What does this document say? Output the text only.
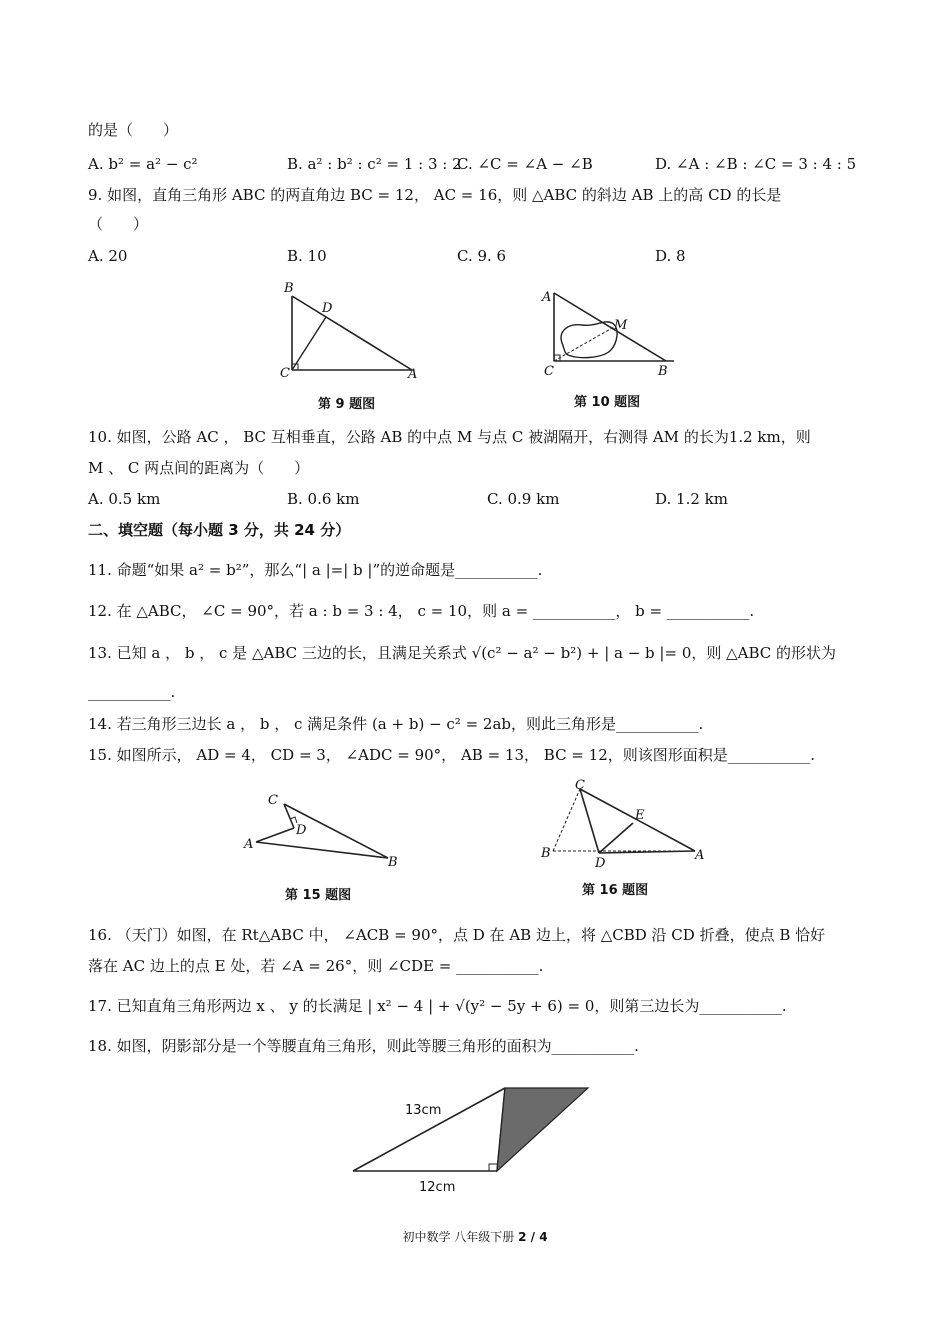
的是（　　）
A. b² = a² − c²	B. a² : b² : c² = 1 : 3 : 2
C. ∠C = ∠A − ∠B	D. ∠A : ∠B : ∠C = 3 : 4 : 5
9. 如图，直角三角形 ABC 的两直角边 BC = 12， AC = 16，则 △ABC 的斜边 AB 上的高 CD 的长是
（　　）
A. 20	B. 10	C. 9. 6	D. 8
B
D
C	A
第 9 题图
A
M
C	B
第 10 题图
10. 如图，公路 AC ， BC 互相垂直，公路 AB 的中点 M 与点 C 被湖隔开，右测得 AM 的长为1.2 km，则
M 、 C 两点间的距离为（　　）
A. 0.5 km	B. 0.6 km	C. 0.9 km	D. 1.2 km
二、填空题（每小题 3 分，共 24 分）
11. 命题“如果 a² = b²”，那么“| a |=| b |”的逆命题是___________.
12. 在 △ABC， ∠C = 90°，若 a : b = 3 : 4， c = 10，则 a = ___________， b = ___________.
13. 已知 a ， b ， c 是 △ABC 三边的长，且满足关系式 √(c² − a² − b²) + | a − b |= 0，则 △ABC 的形状为
___________.
14. 若三角形三边长 a ， b ， c 满足条件 (a + b) − c² = 2ab，则此三角形是___________.
15. 如图所示， AD = 4， CD = 3， ∠ADC = 90°， AB = 13， BC = 12，则该图形面积是___________.
C
D
A
B
第 15 题图
C
E
B
D
A
第 16 题图
16. （天门）如图，在 Rt△ABC 中， ∠ACB = 90°，点 D 在 AB 边上，将 △CBD 沿 CD 折叠，使点 B 恰好
落在 AC 边上的点 E 处，若 ∠A = 26°，则 ∠CDE = ___________.
17. 已知直角三角形两边 x 、 y 的长满足 | x² − 4 | + √(y² − 5y + 6) = 0，则第三边长为___________.
18. 如图，阴影部分是一个等腰直角三角形，则此等腰三角形的面积为___________.
13cm
12cm
初中数学 八年级下册 2 / 4
